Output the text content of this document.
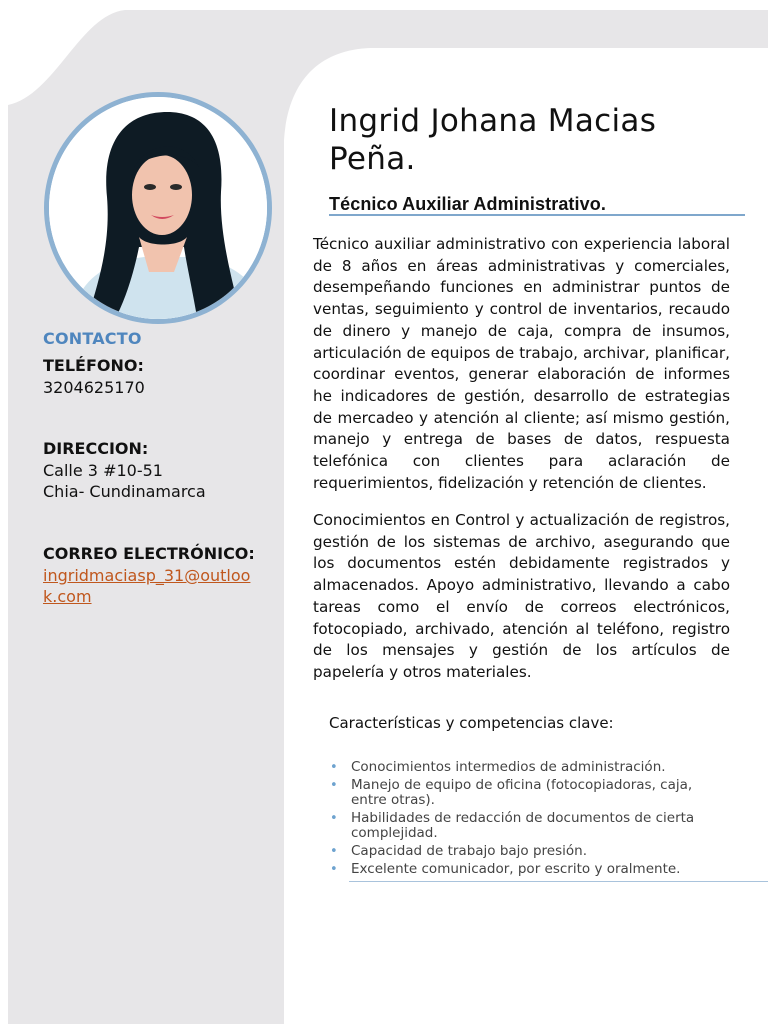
CONTACTO
TELÉFONO:
3204625170
DIRECCION:
Calle 3 #10-51
Chia- Cundinamarca
CORREO ELECTRÓNICO:
ingridmaciasp_31@outlook.com
Ingrid Johana Macias Peña.
Técnico Auxiliar Administrativo.

Técnico auxiliar administrativo con experiencia laboral de 8 años en áreas administrativas y comerciales, desempeñando funciones en administrar puntos de ventas, seguimiento y control de inventarios, recaudo de dinero y manejo de caja, compra de insumos, articulación de equipos de trabajo, archivar, planificar, coordinar eventos, generar elaboración de informes he indicadores de gestión, desarrollo de estrategias de mercadeo y atención al cliente; así mismo gestión, manejo y entrega de bases de datos, respuesta telefónica con clientes para aclaración de requerimientos, fidelización y retención de clientes.

Conocimientos en Control y actualización de registros, gestión de los sistemas de archivo, asegurando que los documentos estén debidamente registrados y almacenados. Apoyo administrativo, llevando a cabo tareas como el envío de correos electrónicos, fotocopiado, archivado, atención al teléfono, registro de los mensajes y gestión de los artículos de papelería y otros materiales.

Características y competencias clave:
• Conocimientos intermedios de administración.
• Manejo de equipo de oficina (fotocopiadoras, caja, entre otras).
• Habilidades de redacción de documentos de cierta complejidad.
• Capacidad de trabajo bajo presión.
• Excelente comunicador, por escrito y oralmente.
